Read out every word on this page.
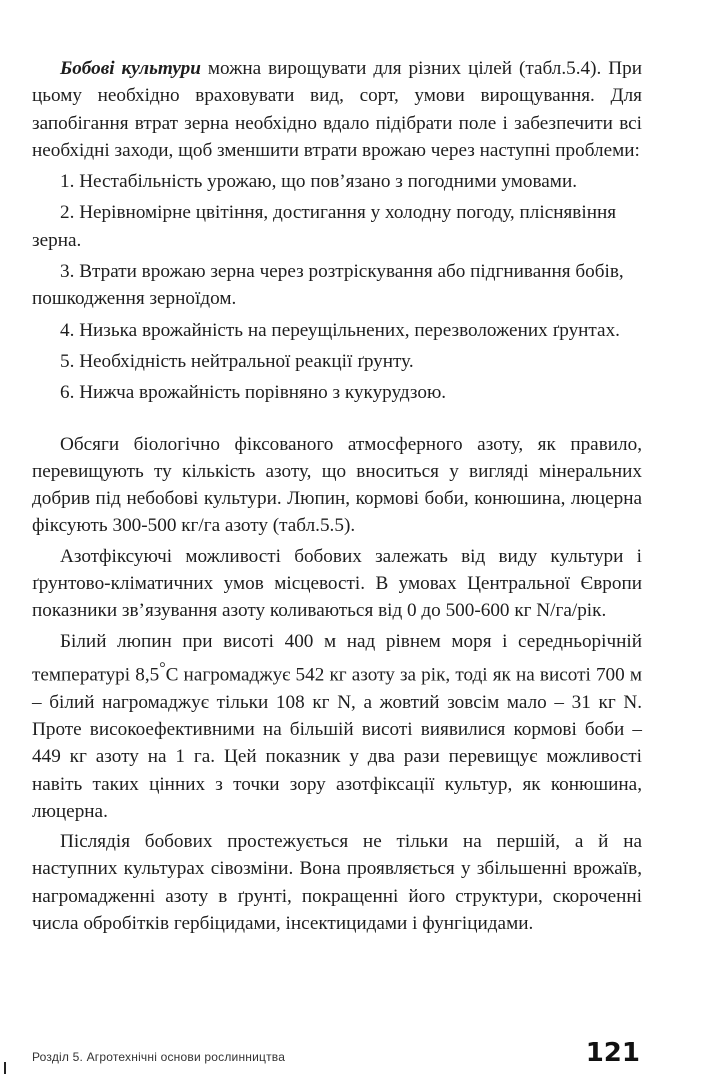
Бобові культури можна вирощувати для різних цілей (табл.5.4). При цьому необхідно враховувати вид, сорт, умови вирощування. Для запобігання втрат зерна необхідно вдало підібрати поле і забезпечити всі необхідні заходи, щоб зменшити втрати врожаю через наступні проблеми:

1. Нестабільність урожаю, що пов’язано з погодними умовами.

2. Нерівномірне цвітіння, достигання у холодну погоду, пліснявіння зерна.

3. Втрати врожаю зерна через розтріскування або підгнивання бобів, пошкодження зерноїдом.

4. Низька врожайність на переущільнених, перезволожених ґрунтах.

5. Необхідність нейтральної реакції ґрунту.

6. Нижча врожайність порівняно з кукурудзою.

Обсяги біологічно фіксованого атмосферного азоту, як правило, перевищують ту кількість азоту, що вноситься у вигляді мінеральних добрив під небобові культури. Люпин, кормові боби, конюшина, люцерна фіксують 300-500 кг/га азоту (табл.5.5).

Азотфіксуючі можливості бобових залежать від виду культури і ґрунтово-кліматичних умов місцевості. В умовах Центральної Європи показники зв’язування азоту коливаються від 0 до 500-600 кг N/га/рік.

Білий люпин при висоті 400 м над рівнем моря і середньорічній температурі 8,5°С нагромаджує 542 кг азоту за рік, тоді як на висоті 700 м – білий нагромаджує тільки 108 кг N, а жовтий зовсім мало – 31 кг N. Проте високоефективними на більшій висоті виявилися кормові боби – 449 кг азоту на 1 га. Цей показник у два рази перевищує можливості навіть таких цінних з точки зору азотфіксації культур, як конюшина, люцерна.

Післядія бобових простежується не тільки на першій, а й на наступних культурах сівозміни. Вона проявляється у збільшенні врожаїв, нагромадженні азоту в ґрунті, покращенні його структури, скороченні числа обробітків гербіцидами, інсектицидами і фунгіцидами.

Розділ 5. Агротехнічні основи рослинництва	121
